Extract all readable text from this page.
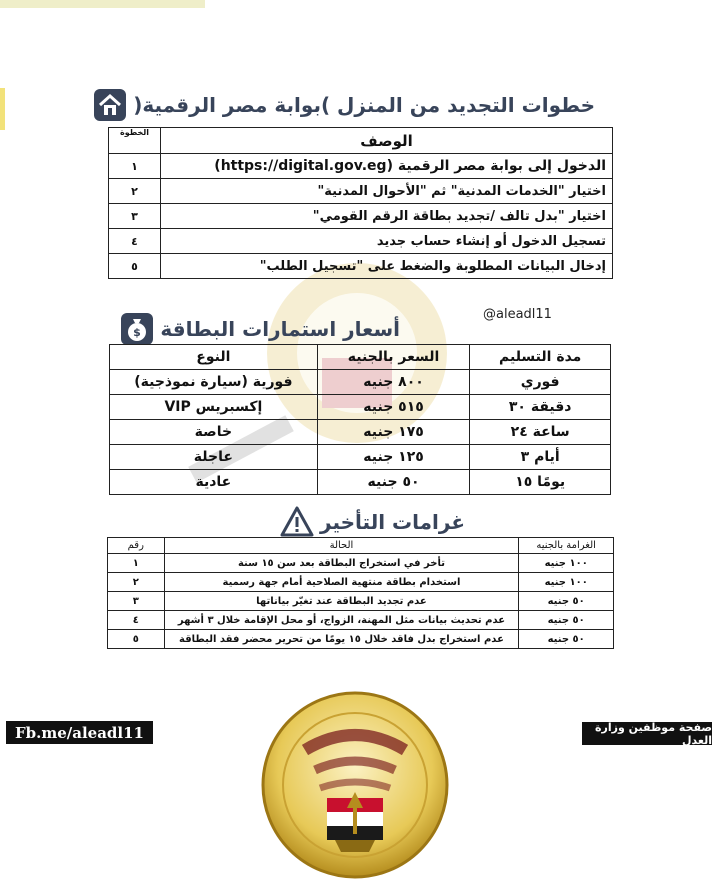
خطوات التجديد من المنزل )بوابة مصر الرقمية(
الوصف	الخطوة
الدخول إلى بوابة مصر الرقمية (https://digital.gov.eg)	١
اختيار "الخدمات المدنية" ثم "الأحوال المدنية"	٢
اختيار "بدل تالف /تجديد بطاقة الرقم القومي"	٣
تسجيل الدخول أو إنشاء حساب جديد	٤
إدخال البيانات المطلوبة والضغط على "تسجيل الطلب"	٥
@aleadl11
أسعار استمارات البطاقة
$
مدة التسليم	السعر بالجنيه	النوع
فوري	٨٠٠ جنيه	فورية (سيارة نموذجية)
دقيقة ٣٠	٥١٥ جنيه	إكسبريس VIP
ساعة ٢٤	١٧٥ جنيه	خاصة
أيام ٣	١٢٥ جنيه	عاجلة
يومًا ١٥	٥٠ جنيه	عادية
غرامات التأخير
الغرامة بالجنيه	الحالة	رقم
١٠٠ جنيه	تأخر في استخراج البطاقة بعد سن ١٥ سنة	١
١٠٠ جنيه	استخدام بطاقة منتهية الصلاحية أمام جهة رسمية	٢
٥٠ جنيه	عدم تجديد البطاقة عند تغيّر بياناتها	٣
٥٠ جنيه	عدم تحديث بيانات مثل المهنة، الزواج، أو محل الإقامة خلال ٣ أشهر	٤
٥٠ جنيه	عدم استخراج بدل فاقد خلال ١٥ يومًا من تحرير محضر فقد البطاقة	٥
Fb.me/aleadl11	صفحة موظفين وزارة العدل
